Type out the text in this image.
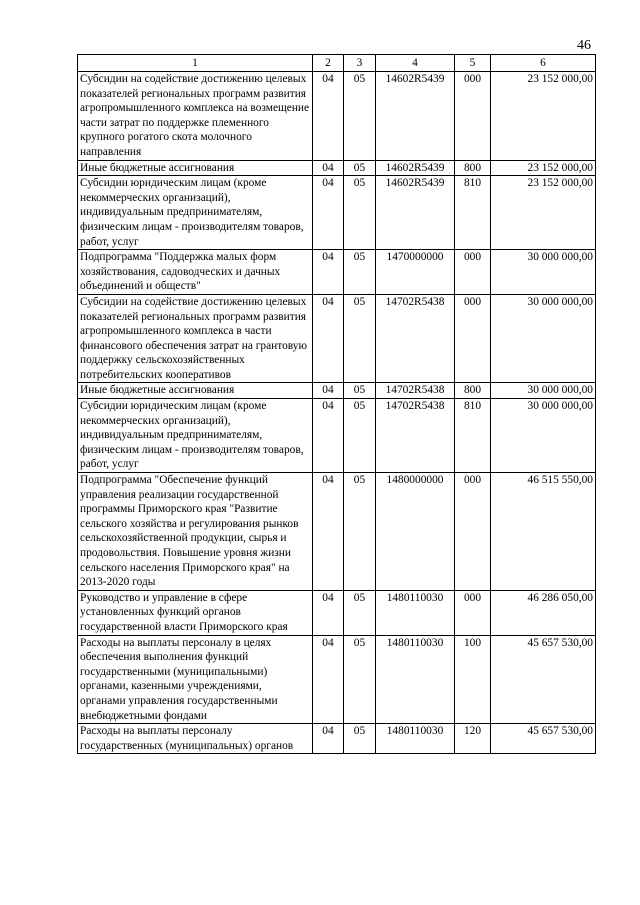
46
1	2	3	4	5	6
Субсидии на содействие достижению целевых показателей региональных программ развития агропромышленного комплекса на возмещение части затрат по поддержке племенного крупного рогатого скота молочного направления	04	05	14602R5439	000	23 152 000,00
Иные бюджетные ассигнования	04	05	14602R5439	800	23 152 000,00
Субсидии юридическим лицам (кроме некоммерческих организаций), индивидуальным предпринимателям, физическим лицам - производителям товаров, работ, услуг	04	05	14602R5439	810	23 152 000,00
Подпрограмма "Поддержка малых форм хозяйствования, садоводческих и дачных объединений и обществ"	04	05	1470000000	000	30 000 000,00
Субсидии на содействие достижению целевых показателей региональных программ развития агропромышленного комплекса в части финансового обеспечения затрат на грантовую поддержку сельскохозяйственных потребительских кооперативов	04	05	14702R5438	000	30 000 000,00
Иные бюджетные ассигнования	04	05	14702R5438	800	30 000 000,00
Субсидии юридическим лицам (кроме некоммерческих организаций), индивидуальным предпринимателям, физическим лицам - производителям товаров, работ, услуг	04	05	14702R5438	810	30 000 000,00
Подпрограмма "Обеспечение функций управления реализации государственной программы Приморского края "Развитие сельского хозяйства и регулирования рынков сельскохозяйственной продукции, сырья и продовольствия. Повышение уровня жизни сельского населения Приморского края" на 2013-2020 годы	04	05	1480000000	000	46 515 550,00
Руководство и управление в сфере установленных функций органов государственной власти Приморского края	04	05	1480110030	000	46 286 050,00
Расходы на выплаты персоналу в целях обеспечения выполнения функций государственными (муниципальными) органами, казенными учреждениями, органами управления государственными внебюджетными фондами	04	05	1480110030	100	45 657 530,00
Расходы на выплаты персоналу государственных (муниципальных) органов	04	05	1480110030	120	45 657 530,00
